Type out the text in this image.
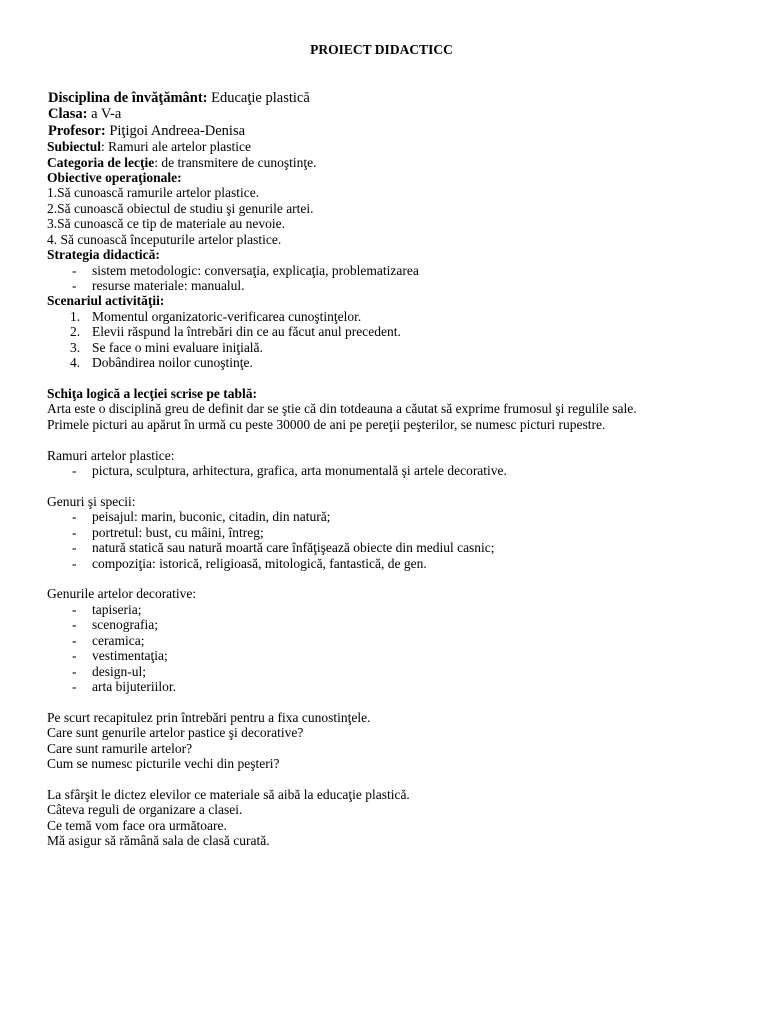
PROIECT DIDACTICC
Disciplina de învăţământ: Educaţie plastică
Clasa: a V-a
Profesor: Piţigoi Andreea-Denisa
Subiectul: Ramuri ale artelor plastice
Categoria de lecţie: de transmitere de cunoştinţe.
Obiective operaţionale:
1.Să cunoască ramurile artelor plastice.
2.Să cunoască obiectul de studiu şi genurile artei.
3.Să cunoască ce tip de materiale au nevoie.
4. Să cunoască începuturile artelor plastice.
Strategia didactică:
- sistem metodologic: conversaţia, explicaţia, problematizarea
- resurse materiale: manualul.
Scenariul activităţii:
1. Momentul organizatoric-verificarea cunoştinţelor.
2. Elevii răspund la întrebări din ce au făcut anul precedent.
3. Se face o mini evaluare iniţială.
4. Dobândirea noilor cunoştinţe.
Schiţa logică a lecţiei scrise pe tablă:
Arta este o disciplină greu de definit dar se ştie că din totdeauna a căutat să exprime frumosul şi regulile sale.
Primele picturi au apărut în urmă cu peste 30000 de ani pe pereţii peşterilor, se numesc picturi rupestre.
Ramuri artelor plastice:
- pictura, sculptura, arhitectura, grafica, arta monumentală şi artele decorative.
Genuri şi specii:
- peisajul: marin, buconic, citadin, din natură;
- portretul: bust, cu mâini, întreg;
- natură statică sau natură moartă care înfăţişează obiecte din mediul casnic;
- compoziţia: istorică, religioasă, mitologică, fantastică, de gen.
Genurile artelor decorative:
- tapiseria;
- scenografia;
- ceramica;
- vestimentaţia;
- design-ul;
- arta bijuteriilor.
Pe scurt recapitulez prin întrebări pentru a fixa cunostinţele.
Care sunt genurile artelor pastice şi decorative?
Care sunt ramurile artelor?
Cum se numesc picturile vechi din peşteri?
La sfârşit le dictez elevilor ce materiale să aibă la educaţie plastică.
Câteva reguli de organizare a clasei.
Ce temă vom face ora următoare.
Mă asigur să rămână sala de clasă curată.
